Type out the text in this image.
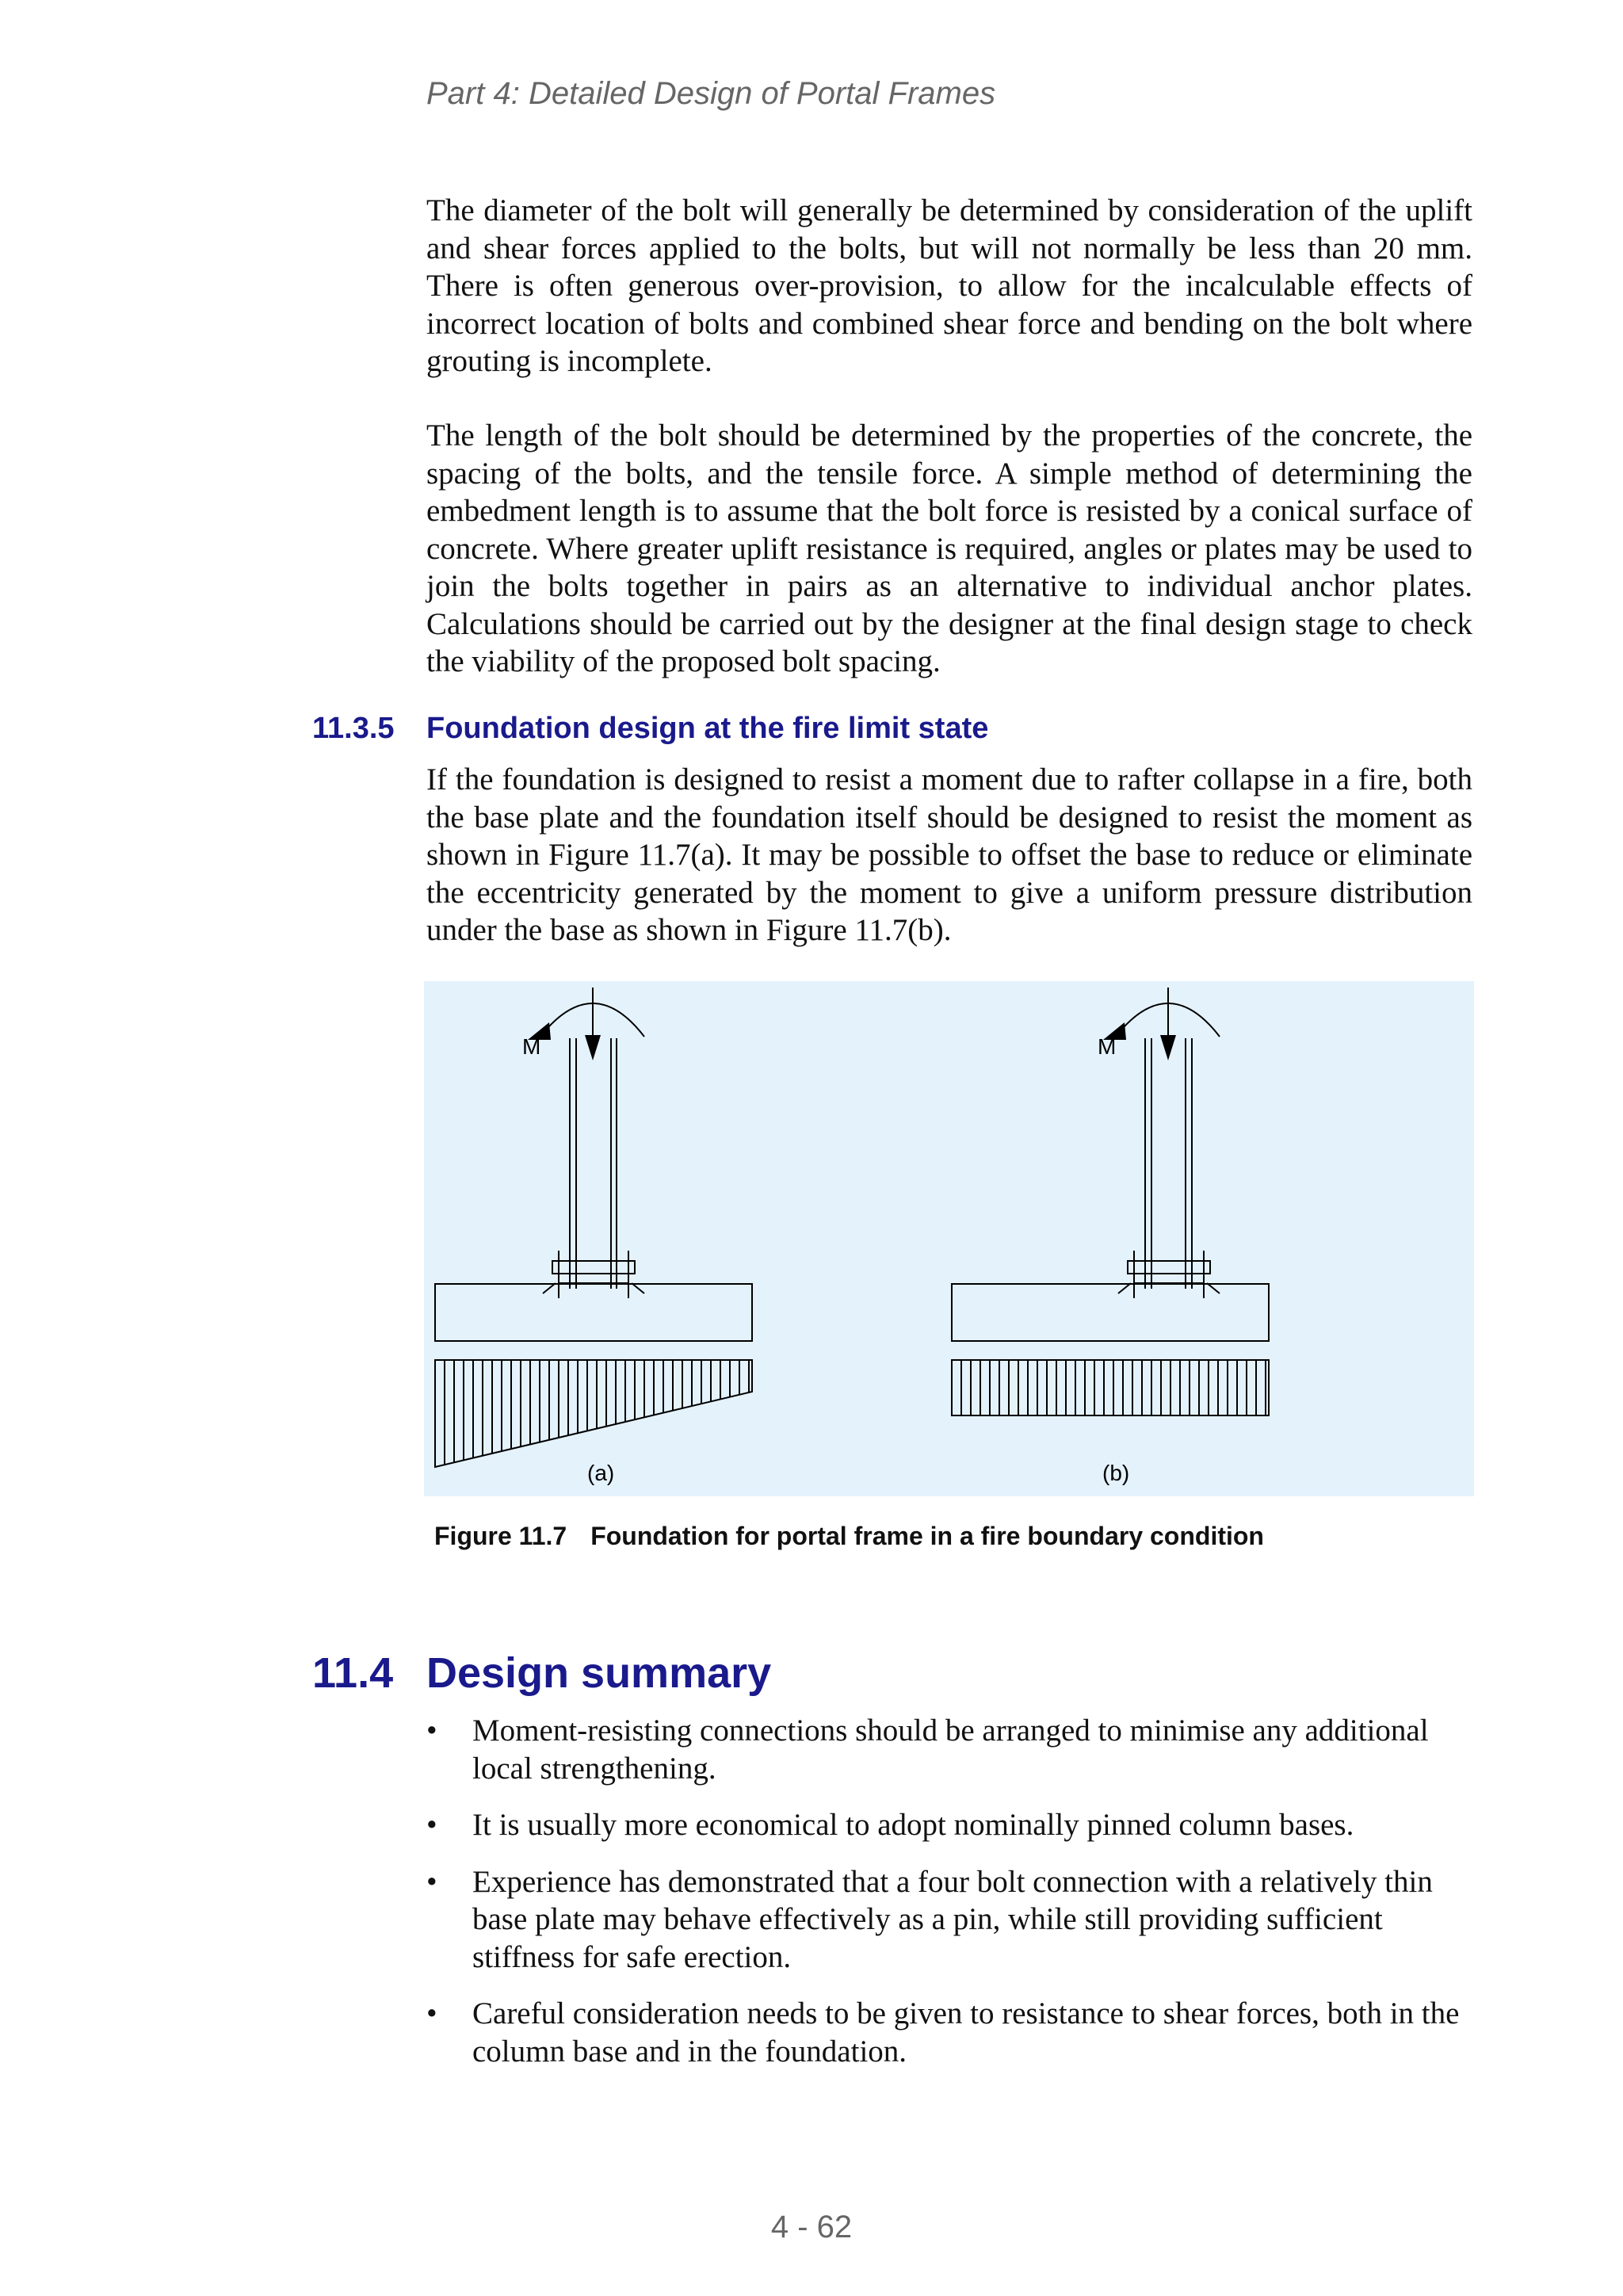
Part 4: Detailed Design of Portal Frames

The diameter of the bolt will generally be determined by consideration of the uplift and shear forces applied to the bolts, but will not normally be less than 20 mm. There is often generous over-provision, to allow for the incalculable effects of incorrect location of bolts and combined shear force and bending on the bolt where grouting is incomplete.

The length of the bolt should be determined by the properties of the concrete, the spacing of the bolts, and the tensile force. A simple method of determining the embedment length is to assume that the bolt force is resisted by a conical surface of concrete. Where greater uplift resistance is required, angles or plates may be used to join the bolts together in pairs as an alternative to individual anchor plates. Calculations should be carried out by the designer at the final design stage to check the viability of the proposed bolt spacing.

11.3.5 Foundation design at the fire limit state

If the foundation is designed to resist a moment due to rafter collapse in a fire, both the base plate and the foundation itself should be designed to resist the moment as shown in Figure 11.7(a). It may be possible to offset the base to reduce or eliminate the eccentricity generated by the moment to give a uniform pressure distribution under the base as shown in Figure 11.7(b).

M	M
(a)	(b)

Figure 11.7 Foundation for portal frame in a fire boundary condition

11.4 Design summary
• Moment-resisting connections should be arranged to minimise any additional local strengthening.
• It is usually more economical to adopt nominally pinned column bases.
• Experience has demonstrated that a four bolt connection with a relatively thin base plate may behave effectively as a pin, while still providing sufficient stiffness for safe erection.
• Careful consideration needs to be given to resistance to shear forces, both in the column base and in the foundation.

4 - 62
